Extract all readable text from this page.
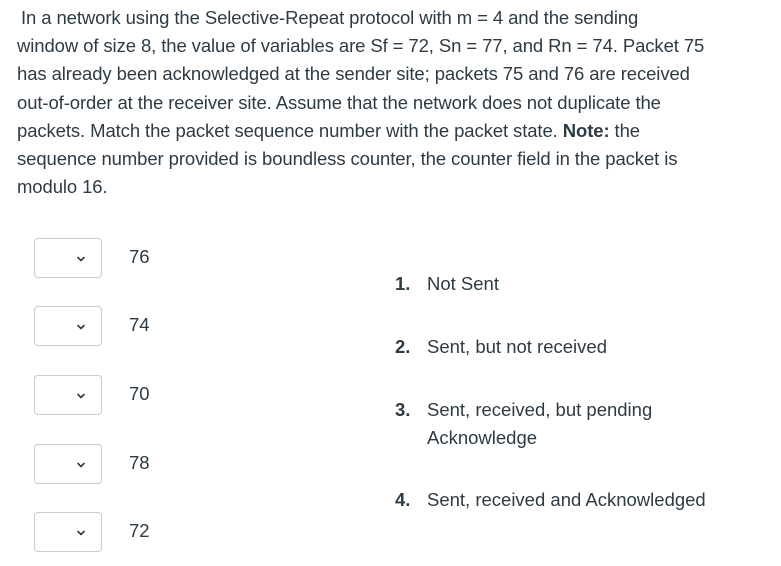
In a network using the Selective-Repeat protocol with m = 4 and the sending
window of size 8, the value of variables are Sf = 72, Sn = 77, and Rn = 74. Packet 75
has already been acknowledged at the sender site; packets 75 and 76 are received
out-of-order at the receiver site. Assume that the network does not duplicate the
packets. Match the packet sequence number with the packet state. Note: the
sequence number provided is boundless counter, the counter field in the packet is
modulo 16.
76
74
70
78
72
1. Not Sent
2. Sent, but not received
3. Sent, received, but pending Acknowledge
4. Sent, received and Acknowledged
